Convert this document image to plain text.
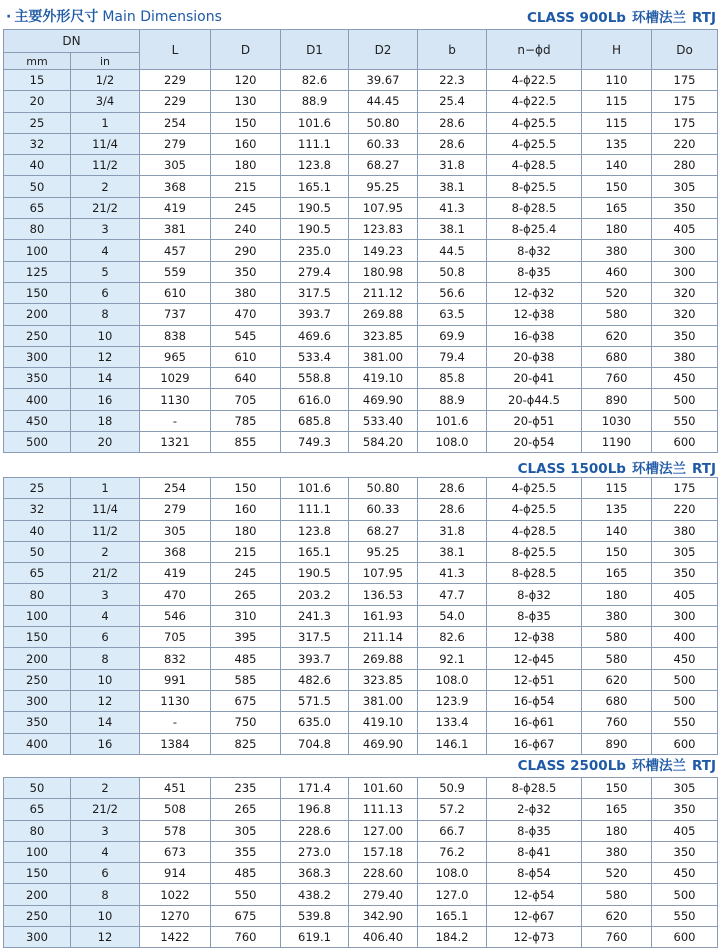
· 主要外形尺寸 Main Dimensions	CLASS 900Lb 环槽法兰 RTJ
DN		L	D	D1	D2	b	n−ϕd	H	Do
mm	in								
15	1/2	229	120	82.6	39.67	22.3	4-ϕ22.5	110	175
20	3/4	229	130	88.9	44.45	25.4	4-ϕ22.5	115	175
25	1	254	150	101.6	50.80	28.6	4-ϕ25.5	115	175
32	11/4	279	160	111.1	60.33	28.6	4-ϕ25.5	135	220
40	11/2	305	180	123.8	68.27	31.8	4-ϕ28.5	140	280
50	2	368	215	165.1	95.25	38.1	8-ϕ25.5	150	305
65	21/2	419	245	190.5	107.95	41.3	8-ϕ28.5	165	350
80	3	381	240	190.5	123.83	38.1	8-ϕ25.4	180	405
100	4	457	290	235.0	149.23	44.5	8-ϕ32	380	300
125	5	559	350	279.4	180.98	50.8	8-ϕ35	460	300
150	6	610	380	317.5	211.12	56.6	12-ϕ32	520	320
200	8	737	470	393.7	269.88	63.5	12-ϕ38	580	320
250	10	838	545	469.6	323.85	69.9	16-ϕ38	620	350
300	12	965	610	533.4	381.00	79.4	20-ϕ38	680	380
350	14	1029	640	558.8	419.10	85.8	20-ϕ41	760	450
400	16	1130	705	616.0	469.90	88.9	20-ϕ44.5	890	500
450	18	-	785	685.8	533.40	101.6	20-ϕ51	1030	550
500	20	1321	855	749.3	584.20	108.0	20-ϕ54	1190	600
CLASS 1500Lb 环槽法兰 RTJ
25	1	254	150	101.6	50.80	28.6	4-ϕ25.5	115	175
32	11/4	279	160	111.1	60.33	28.6	4-ϕ25.5	135	220
40	11/2	305	180	123.8	68.27	31.8	4-ϕ28.5	140	380
50	2	368	215	165.1	95.25	38.1	8-ϕ25.5	150	305
65	21/2	419	245	190.5	107.95	41.3	8-ϕ28.5	165	350
80	3	470	265	203.2	136.53	47.7	8-ϕ32	180	405
100	4	546	310	241.3	161.93	54.0	8-ϕ35	380	300
150	6	705	395	317.5	211.14	82.6	12-ϕ38	580	400
200	8	832	485	393.7	269.88	92.1	12-ϕ45	580	450
250	10	991	585	482.6	323.85	108.0	12-ϕ51	620	500
300	12	1130	675	571.5	381.00	123.9	16-ϕ54	680	500
350	14	-	750	635.0	419.10	133.4	16-ϕ61	760	550
400	16	1384	825	704.8	469.90	146.1	16-ϕ67	890	600
CLASS 2500Lb 环槽法兰 RTJ
50	2	451	235	171.4	101.60	50.9	8-ϕ28.5	150	305
65	21/2	508	265	196.8	111.13	57.2	2-ϕ32	165	350
80	3	578	305	228.6	127.00	66.7	8-ϕ35	180	405
100	4	673	355	273.0	157.18	76.2	8-ϕ41	380	350
150	6	914	485	368.3	228.60	108.0	8-ϕ54	520	450
200	8	1022	550	438.2	279.40	127.0	12-ϕ54	580	500
250	10	1270	675	539.8	342.90	165.1	12-ϕ67	620	550
300	12	1422	760	619.1	406.40	184.2	12-ϕ73	760	600
